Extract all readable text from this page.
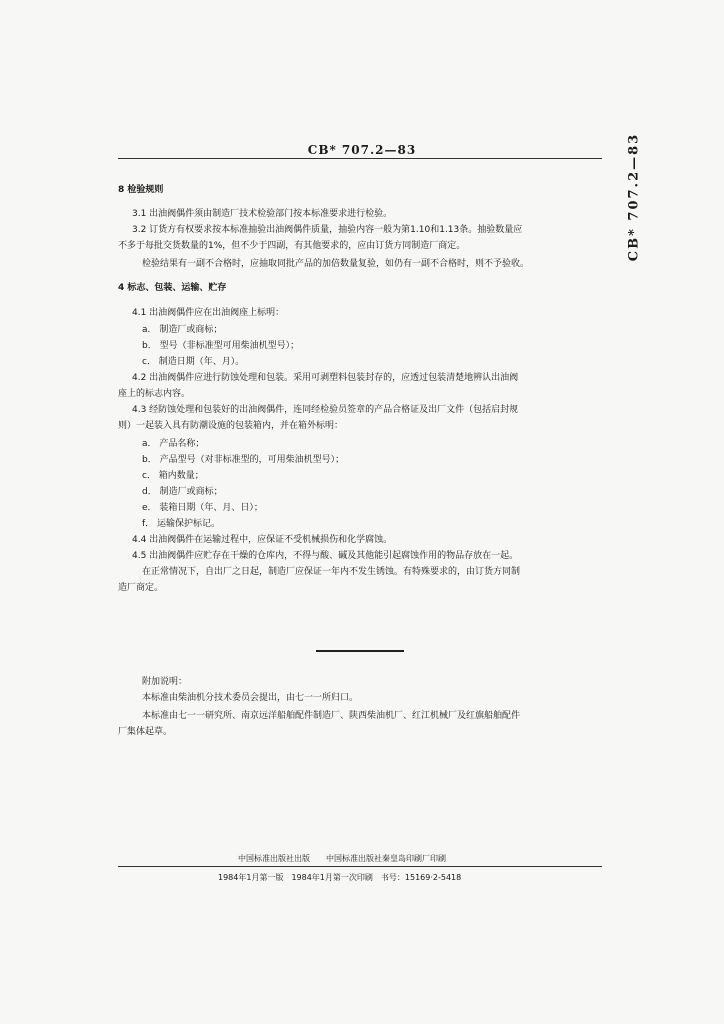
CB* 707.2—83	CB* 707.2—83
8 检验规则
3.1 出油阀偶件须由制造厂技术检验部门按本标准要求进行检验。
3.2 订货方有权要求按本标准抽验出油阀偶件质量，抽验内容一般为第1.10和1.13条。抽验数量应
不多于每批交货数量的1%，但不少于四副，有其他要求的，应由订货方同制造厂商定。
检验结果有一副不合格时，应抽取同批产品的加倍数量复验，如仍有一副不合格时，则不予验收。
4 标志、包装、运输、贮存
4.1 出油阀偶件应在出油阀座上标明：
a． 制造厂或商标；
b． 型号（非标准型可用柴油机型号）；
c． 制造日期（年、月）。
4.2 出油阀偶件应进行防蚀处理和包装。采用可剥塑料包装封存的，应透过包装清楚地辨认出油阀
座上的标志内容。
4.3 经防蚀处理和包装好的出油阀偶件，连同经检验员签章的产品合格证及出厂文件（包括启封规
则）一起装入具有防潮设施的包装箱内，并在箱外标明：
a． 产品名称；
b． 产品型号（对非标准型的，可用柴油机型号）；
c． 箱内数量；
d． 制造厂或商标；
e． 装箱日期（年、月、日）；
f． 运输保护标记。
4.4 出油阀偶件在运输过程中，应保证不受机械损伤和化学腐蚀。
4.5 出油阀偶件应贮存在干燥的仓库内，不得与酸、碱及其他能引起腐蚀作用的物品存放在一起。
在正常情况下，自出厂之日起，制造厂应保证一年内不发生锈蚀。有特殊要求的，由订货方同制
造厂商定。
附加说明：
本标准由柴油机分技术委员会提出，由七一一所归口。
本标准由七一一研究所、南京远洋船舶配件制造厂、陕西柴油机厂、红江机械厂及红旗船舶配件
厂集体起草。
中国标准出版社出版　　中国标准出版社秦皇岛印刷厂印刷
1984年1月第一版　1984年1月第一次印刷　书号：15169·2-5418
